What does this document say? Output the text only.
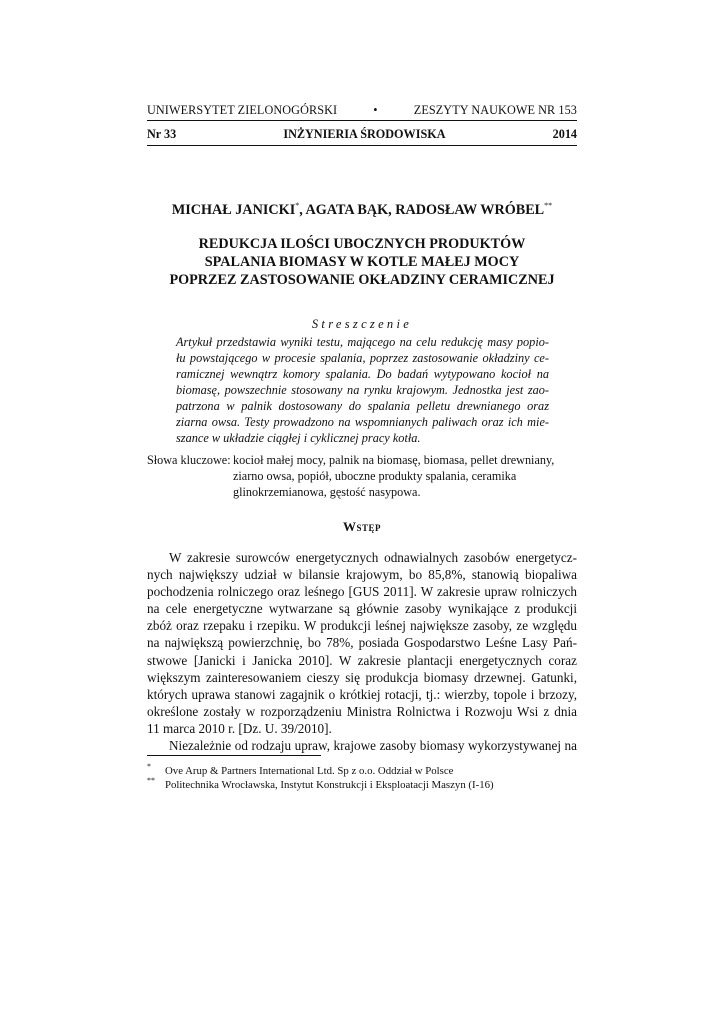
UNIWERSYTET ZIELONOGÓRSKI	•	ZESZYTY NAUKOWE NR 153
Nr 33	INŻYNIERIA ŚRODOWISKA	2014
MICHAŁ JANICKI*, AGATA BĄK, RADOSŁAW WRÓBEL**
REDUKCJA ILOŚCI UBOCZNYCH PRODUKTÓW
SPALANIA BIOMASY W KOTLE MAŁEJ MOCY
POPRZEZ ZASTOSOWANIE OKŁADZINY CERAMICZNEJ
Streszczenie
Artykuł przedstawia wyniki testu, mającego na celu redukcję masy popio-
łu powstającego w procesie spalania, poprzez zastosowanie okładziny ce-
ramicznej wewnątrz komory spalania. Do badań wytypowano kocioł na
biomasę, powszechnie stosowany na rynku krajowym. Jednostka jest zao-
patrzona w palnik dostosowany do spalania pelletu drewnianego oraz
ziarna owsa. Testy prowadzono na wspomnianych paliwach oraz ich mie-
szance w układzie ciągłej i cyklicznej pracy kotła.
Słowa kluczowe: kocioł małej mocy, palnik na biomasę, biomasa, pellet drewniany,
ziarno owsa, popiół, uboczne produkty spalania, ceramika
glinokrzemianowa, gęstość nasypowa.
Wstęp
W zakresie surowców energetycznych odnawialnych zasobów energetycz-
nych największy udział w bilansie krajowym, bo 85,8%, stanowią biopaliwa
pochodzenia rolniczego oraz leśnego [GUS 2011]. W zakresie upraw rolniczych
na cele energetyczne wytwarzane są głównie zasoby wynikające z produkcji
zbóż oraz rzepaku i rzepiku. W produkcji leśnej największe zasoby, ze względu
na największą powierzchnię, bo 78%, posiada Gospodarstwo Leśne Lasy Pań-
stwowe [Janicki i Janicka 2010]. W zakresie plantacji energetycznych coraz
większym zainteresowaniem cieszy się produkcja biomasy drzewnej. Gatunki,
których uprawa stanowi zagajnik o krótkiej rotacji, tj.: wierzby, topole i brzozy,
określone zostały w rozporządzeniu Ministra Rolnictwa i Rozwoju Wsi z dnia
11 marca 2010 r. [Dz. U. 39/2010].
Niezależnie od rodzaju upraw, krajowe zasoby biomasy wykorzystywanej na
* Ove Arup & Partners International Ltd. Sp z o.o. Oddział w Polsce
** Politechnika Wrocławska, Instytut Konstrukcji i Eksploatacji Maszyn (I-16)
